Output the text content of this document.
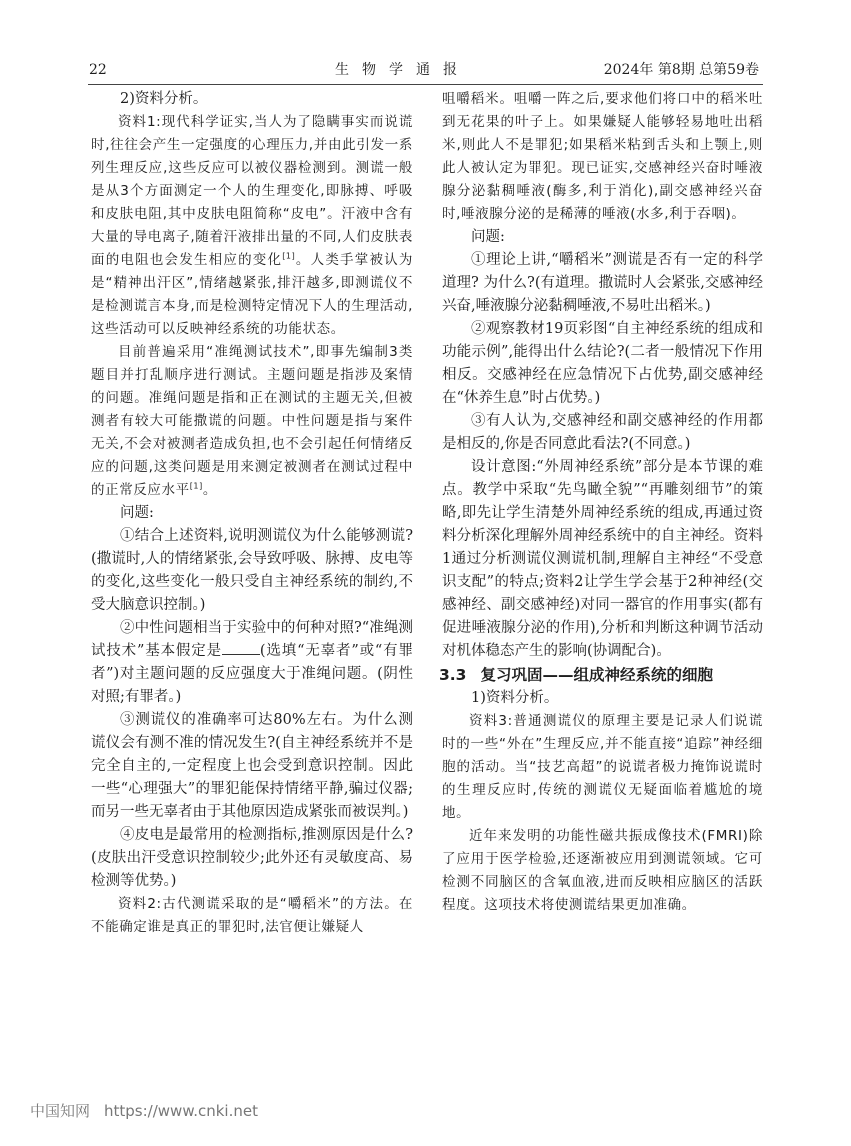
22	生物学通报	2024年 第8期 总第59卷

2)资料分析。

资料1:现代科学证实,当人为了隐瞒事实而说谎时,往往会产生一定强度的心理压力,并由此引发一系列生理反应,这些反应可以被仪器检测到。测谎一般是从3个方面测定一个人的生理变化,即脉搏、呼吸和皮肤电阻,其中皮肤电阻简称“皮电”。汗液中含有大量的导电离子,随着汗液排出量的不同,人们皮肤表面的电阻也会发生相应的变化[1]。人类手掌被认为是“精神出汗区”,情绪越紧张,排汗越多,即测谎仪不是检测谎言本身,而是检测特定情况下人的生理活动,这些活动可以反映神经系统的功能状态。

目前普遍采用“准绳测试技术”,即事先编制3类题目并打乱顺序进行测试。主题问题是指涉及案情的问题。准绳问题是指和正在测试的主题无关,但被测者有较大可能撒谎的问题。中性问题是指与案件无关,不会对被测者造成负担,也不会引起任何情绪反应的问题,这类问题是用来测定被测者在测试过程中的正常反应水平[1]。

问题:

①结合上述资料,说明测谎仪为什么能够测谎?(撒谎时,人的情绪紧张,会导致呼吸、脉搏、皮电等的变化,这些变化一般只受自主神经系统的制约,不受大脑意识控制。)

②中性问题相当于实验中的何种对照?“准绳测试技术”基本假定是	(选填“无辜者”或“有罪者”)对主题问题的反应强度大于准绳问题。(阴性对照;有罪者。)

③测谎仪的准确率可达80%左右。为什么测谎仪会有测不准的情况发生?(自主神经系统并不是完全自主的,一定程度上也会受到意识控制。因此一些“心理强大”的罪犯能保持情绪平静,骗过仪器;而另一些无辜者由于其他原因造成紧张而被误判。)

④皮电是最常用的检测指标,推测原因是什么?(皮肤出汗受意识控制较少;此外还有灵敏度高、易检测等优势。)

资料2:古代测谎采取的是“嚼稻米”的方法。在不能确定谁是真正的罪犯时,法官便让嫌疑人

咀嚼稻米。咀嚼一阵之后,要求他们将口中的稻米吐到无花果的叶子上。如果嫌疑人能够轻易地吐出稻米,则此人不是罪犯;如果稻米粘到舌头和上颚上,则此人被认定为罪犯。现已证实,交感神经兴奋时唾液腺分泌黏稠唾液(酶多,利于消化),副交感神经兴奋时,唾液腺分泌的是稀薄的唾液(水多,利于吞咽)。

问题:

①理论上讲,“嚼稻米”测谎是否有一定的科学道理? 为什么?(有道理。撒谎时人会紧张,交感神经兴奋,唾液腺分泌黏稠唾液,不易吐出稻米。)

②观察教材19页彩图“自主神经系统的组成和功能示例”,能得出什么结论?(二者一般情况下作用相反。交感神经在应急情况下占优势,副交感神经在“休养生息”时占优势。)

③有人认为,交感神经和副交感神经的作用都是相反的,你是否同意此看法?(不同意。)

设计意图:“外周神经系统”部分是本节课的难点。教学中采取“先鸟瞰全貌”“再雕刻细节”的策略,即先让学生清楚外周神经系统的组成,再通过资料分析深化理解外周神经系统中的自主神经。资料1通过分析测谎仪测谎机制,理解自主神经“不受意识支配”的特点;资料2让学生学会基于2种神经(交感神经、副交感神经)对同一器官的作用事实(都有促进唾液腺分泌的作用),分析和判断这种调节活动对机体稳态产生的影响(协调配合)。

3.3 复习巩固——组成神经系统的细胞

1)资料分析。

资料3:普通测谎仪的原理主要是记录人们说谎时的一些“外在”生理反应,并不能直接“追踪”神经细胞的活动。当“技艺高超”的说谎者极力掩饰说谎时的生理反应时,传统的测谎仪无疑面临着尴尬的境地。

近年来发明的功能性磁共振成像技术(FMRI)除了应用于医学检验,还逐渐被应用到测谎领域。它可检测不同脑区的含氧血液,进而反映相应脑区的活跃程度。这项技术将使测谎结果更加准确。

中国知网 https://www.cnki.net
